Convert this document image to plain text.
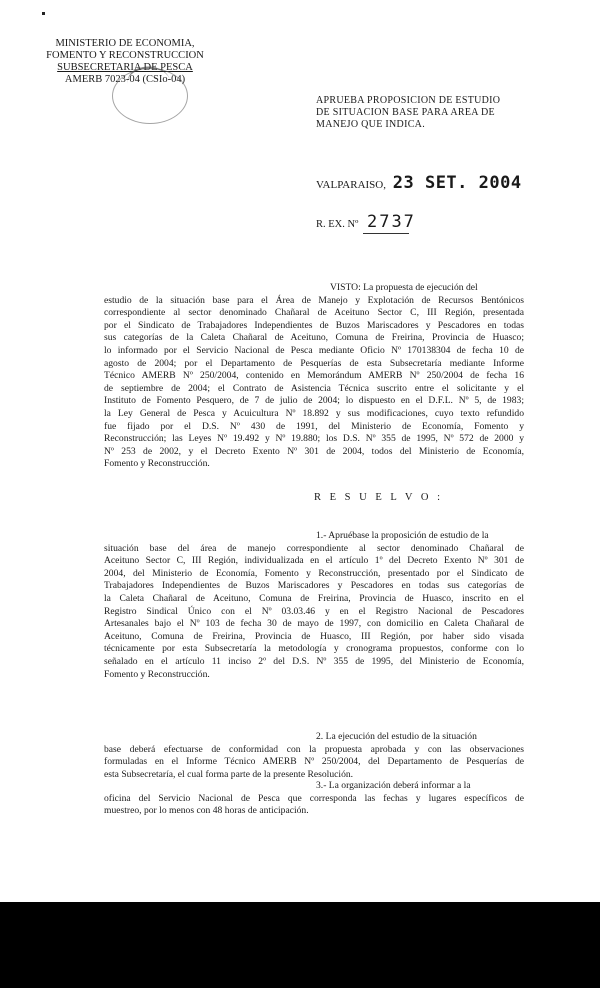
MINISTERIO DE ECONOMIA,
FOMENTO Y RECONSTRUCCION
SUBSECRETARIA DE PESCA
AMERB 7023-04 (CSIo-04)
APRUEBA PROPOSICION DE ESTUDIO
DE SITUACION BASE PARA AREA DE
MANEJO QUE INDICA.
VALPARAISO, 23 SET. 2004
R. EX. Nº 2737
VISTO: La propuesta de ejecución del
estudio de la situación base para el Área de Manejo y Explotación de Recursos Bentónicos
correspondiente al sector denominado Chañaral de Aceituno Sector C, III Región, presentada
por el Sindicato de Trabajadores Independientes de Buzos Mariscadores y Pescadores en todas
sus categorías de la Caleta Chañaral de Aceituno, Comuna de Freirina, Provincia de Huasco;
lo informado por el Servicio Nacional de Pesca mediante Oficio Nº 170138304 de fecha 10 de
agosto de 2004; por el Departamento de Pesquerías de esta Subsecretaría mediante Informe
Técnico AMERB Nº 250/2004, contenido en Memorándum AMERB Nº 250/2004 de fecha 16
de septiembre de 2004; el Contrato de Asistencia Técnica suscrito entre el solicitante y el
Instituto de Fomento Pesquero, de 7 de julio de 2004; lo dispuesto en el D.F.L. Nº 5, de 1983;
la Ley General de Pesca y Acuicultura Nº 18.892 y sus modificaciones, cuyo texto refundido
fue fijado por el D.S. Nº 430 de 1991, del Ministerio de Economía, Fomento y
Reconstrucción; las Leyes Nº 19.492 y Nº 19.880; los D.S. Nº 355 de 1995, Nº 572 de 2000 y
Nº 253 de 2002, y el Decreto Exento Nº 301 de 2004, todos del Ministerio de Economía,
Fomento y Reconstrucción.
R E S U E L V O :
1.- Apruébase la proposición de estudio de la
situación base del área de manejo correspondiente al sector denominado Chañaral de
Aceituno Sector C, III Región, individualizada en el artículo 1º del Decreto Exento Nº 301 de
2004, del Ministerio de Economía, Fomento y Reconstrucción, presentado por el Sindicato de
Trabajadores Independientes de Buzos Mariscadores y Pescadores en todas sus categorías de
la Caleta Chañaral de Aceituno, Comuna de Freirina, Provincia de Huasco, inscrito en el
Registro Sindical Único con el Nº 03.03.46 y en el Registro Nacional de Pescadores
Artesanales bajo el Nº 103 de fecha 30 de mayo de 1997, con domicilio en Caleta Chañaral de
Aceituno, Comuna de Freirina, Provincia de Huasco, III Región, por haber sido visada
técnicamente por esta Subsecretaría la metodología y cronograma propuestos, conforme con lo
señalado en el artículo 11 inciso 2º del D.S. Nº 355 de 1995, del Ministerio de Economía,
Fomento y Reconstrucción.
2. La ejecución del estudio de la situación
base deberá efectuarse de conformidad con la propuesta aprobada y con las observaciones
formuladas en el Informe Técnico AMERB Nº 250/2004, del Departamento de Pesquerías de
esta Subsecretaría, el cual forma parte de la presente Resolución.
3.- La organización deberá informar a la
oficina del Servicio Nacional de Pesca que corresponda las fechas y lugares específicos de
muestreo, por lo menos con 48 horas de anticipación.
